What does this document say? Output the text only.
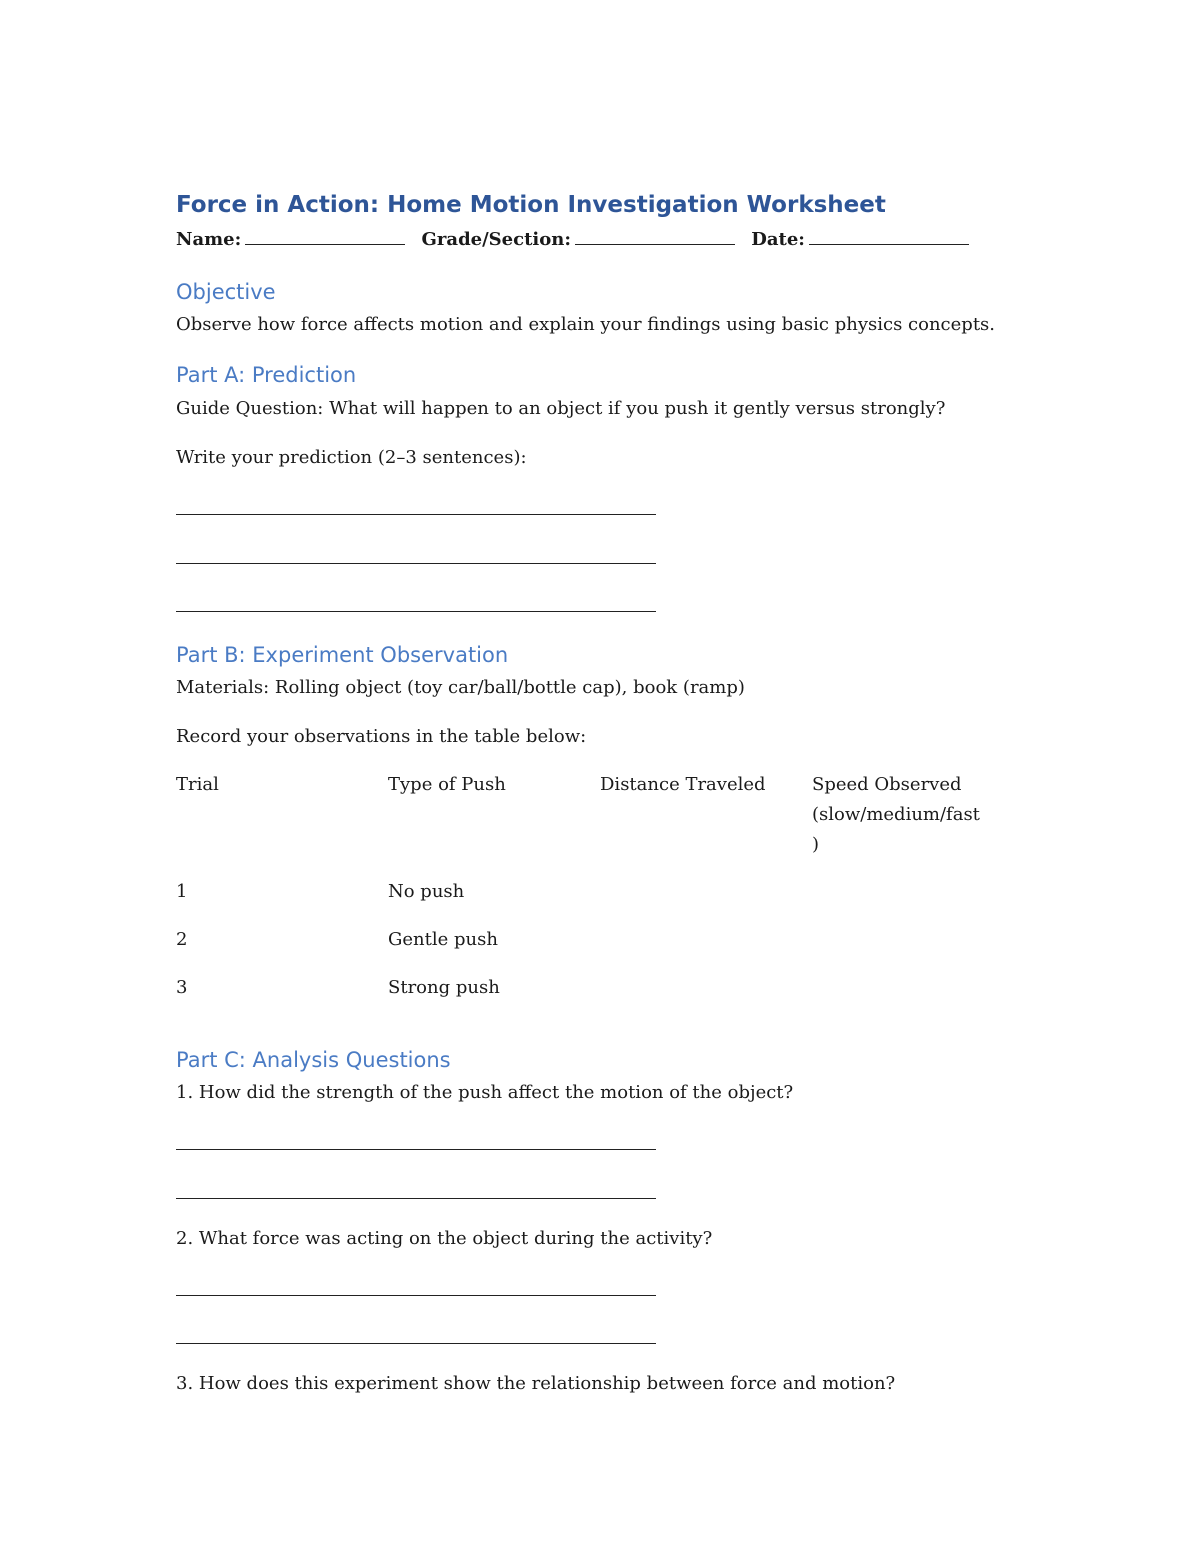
Force in Action: Home Motion Investigation Worksheet
Name:	Grade/Section:	Date:
Objective
Observe how force affects motion and explain your findings using basic physics concepts.
Part A: Prediction
Guide Question: What will happen to an object if you push it gently versus strongly?
Write your prediction (2–3 sentences):
Part B: Experiment Observation
Materials: Rolling object (toy car/ball/bottle cap), book (ramp)
Record your observations in the table below:
Trial	Type of Push	Distance Traveled	Speed Observed
(slow/medium/fast
)
1	No push
2	Gentle push
3	Strong push
Part C: Analysis Questions
1. How did the strength of the push affect the motion of the object?
2. What force was acting on the object during the activity?
3. How does this experiment show the relationship between force and motion?
